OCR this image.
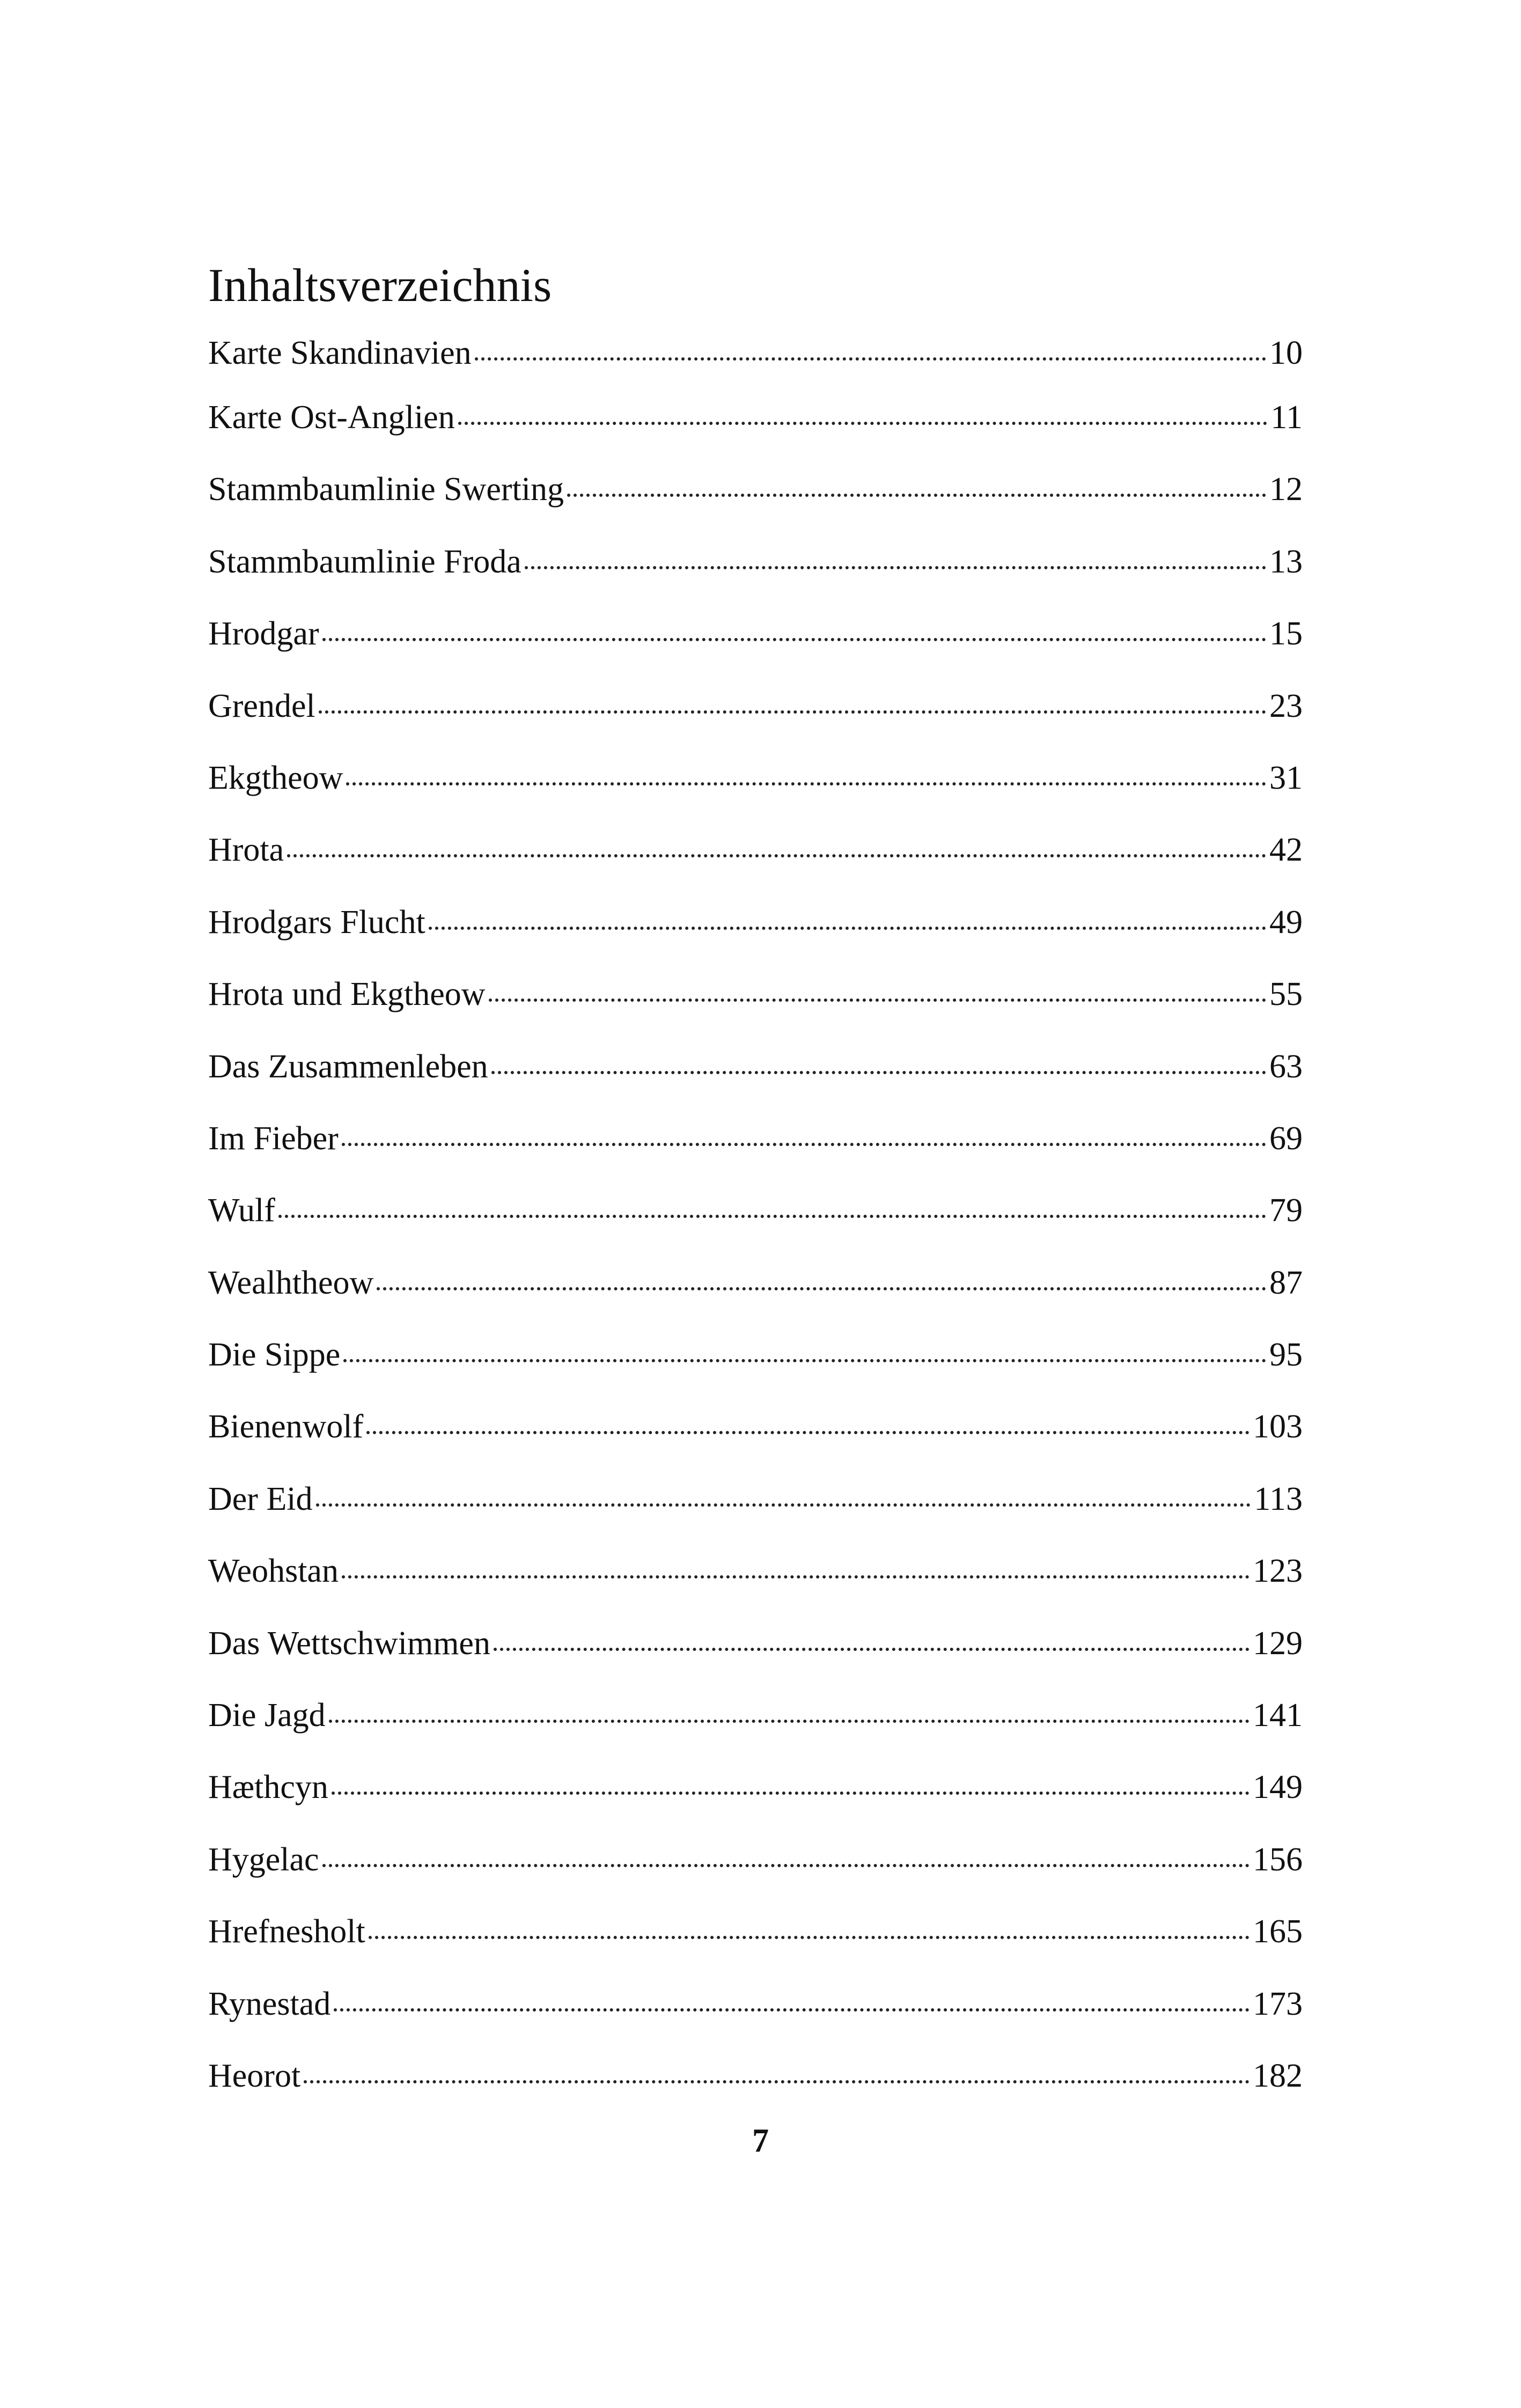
Inhaltsverzeichnis
Karte Skandinavien	10
Karte Ost-Anglien	11
Stammbaumlinie Swerting	12
Stammbaumlinie Froda	13
Hrodgar	15
Grendel	23
Ekgtheow	31
Hrota	42
Hrodgars Flucht	49
Hrota und Ekgtheow	55
Das Zusammenleben	63
Im Fieber	69
Wulf	79
Wealhtheow	87
Die Sippe	95
Bienenwolf	103
Der Eid	113
Weohstan	123
Das Wettschwimmen	129
Die Jagd	141
Hæthcyn	149
Hygelac	156
Hrefnesholt	165
Rynestad	173
Heorot	182
7
